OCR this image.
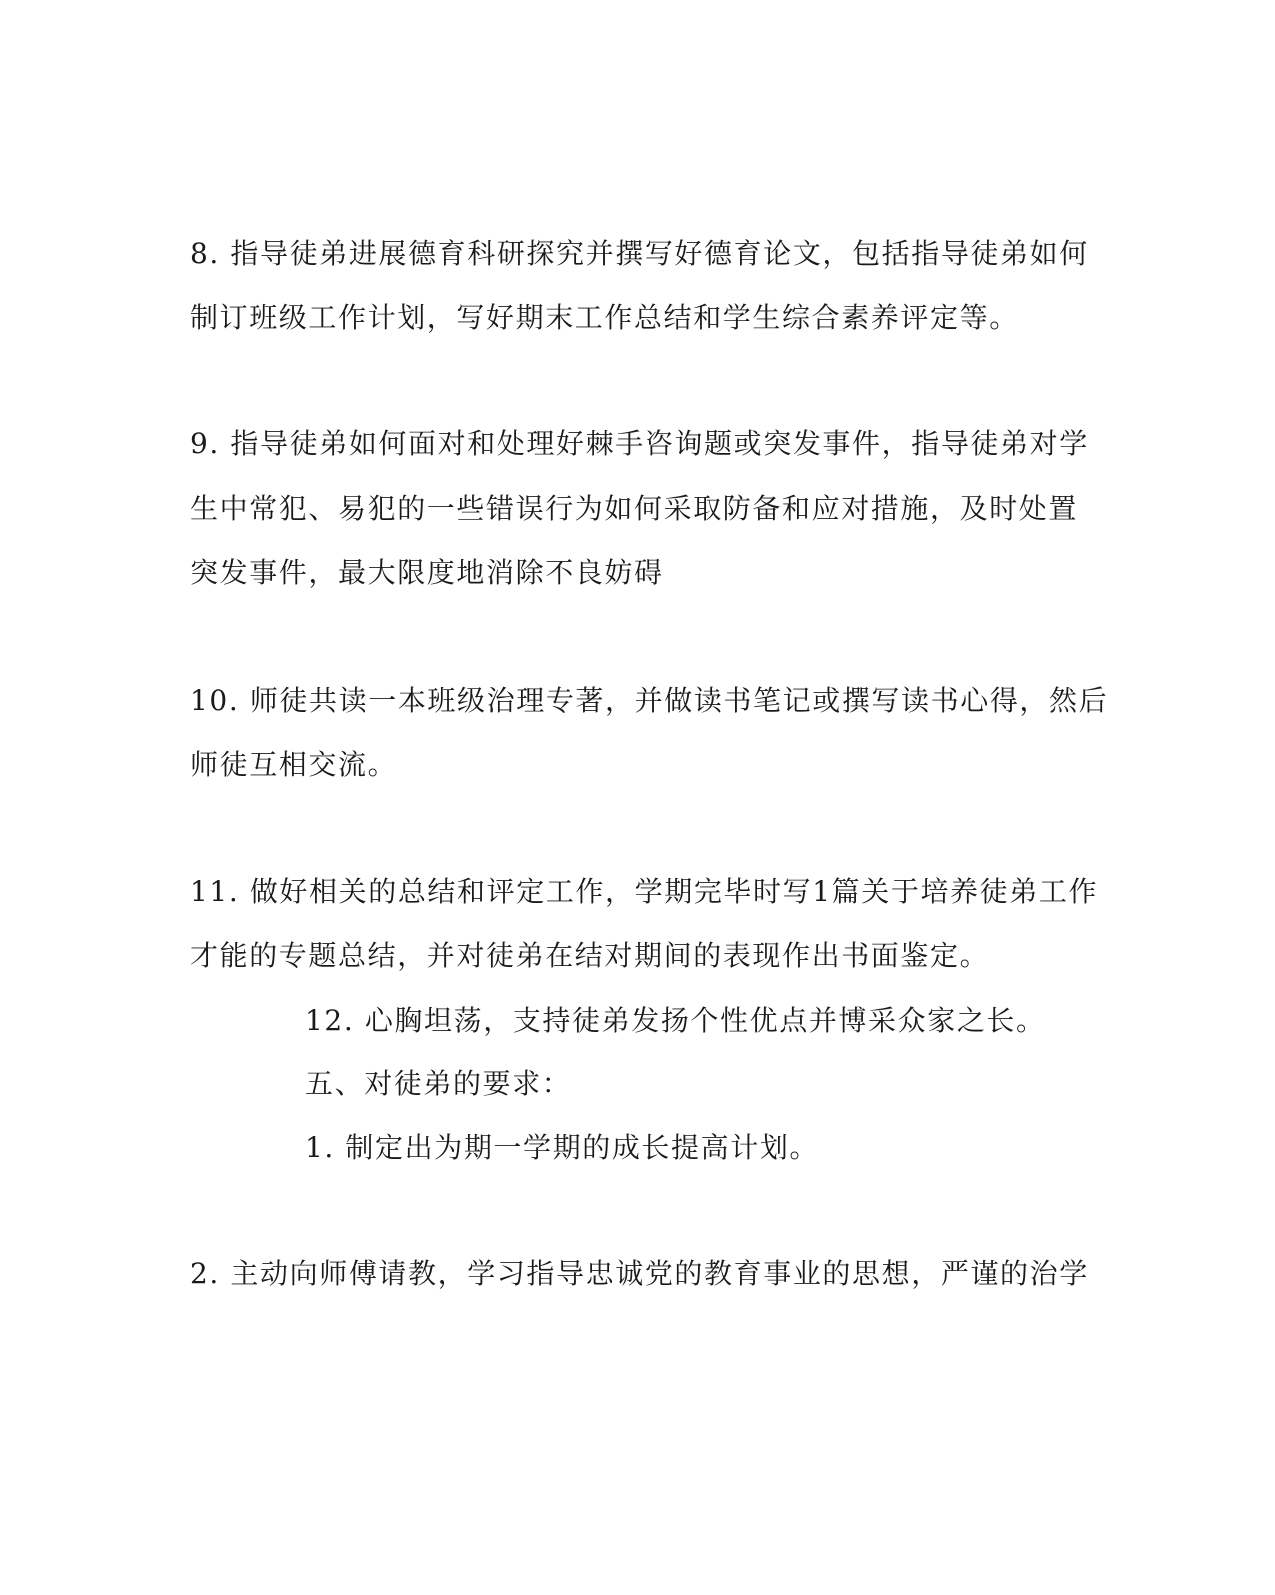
8. 指导徒弟进展德育科研探究并撰写好德育论文，包括指导徒弟如何
制订班级工作计划，写好期末工作总结和学生综合素养评定等。
9. 指导徒弟如何面对和处理好棘手咨询题或突发事件，指导徒弟对学
生中常犯、易犯的一些错误行为如何采取防备和应对措施，及时处置
突发事件，最大限度地消除不良妨碍
10. 师徒共读一本班级治理专著，并做读书笔记或撰写读书心得，然后
师徒互相交流。
11. 做好相关的总结和评定工作，学期完毕时写1篇关于培养徒弟工作
才能的专题总结，并对徒弟在结对期间的表现作出书面鉴定。
12. 心胸坦荡，支持徒弟发扬个性优点并博采众家之长。
五、对徒弟的要求：
1. 制定出为期一学期的成长提高计划。
2. 主动向师傅请教，学习指导忠诚党的教育事业的思想，严谨的治学
